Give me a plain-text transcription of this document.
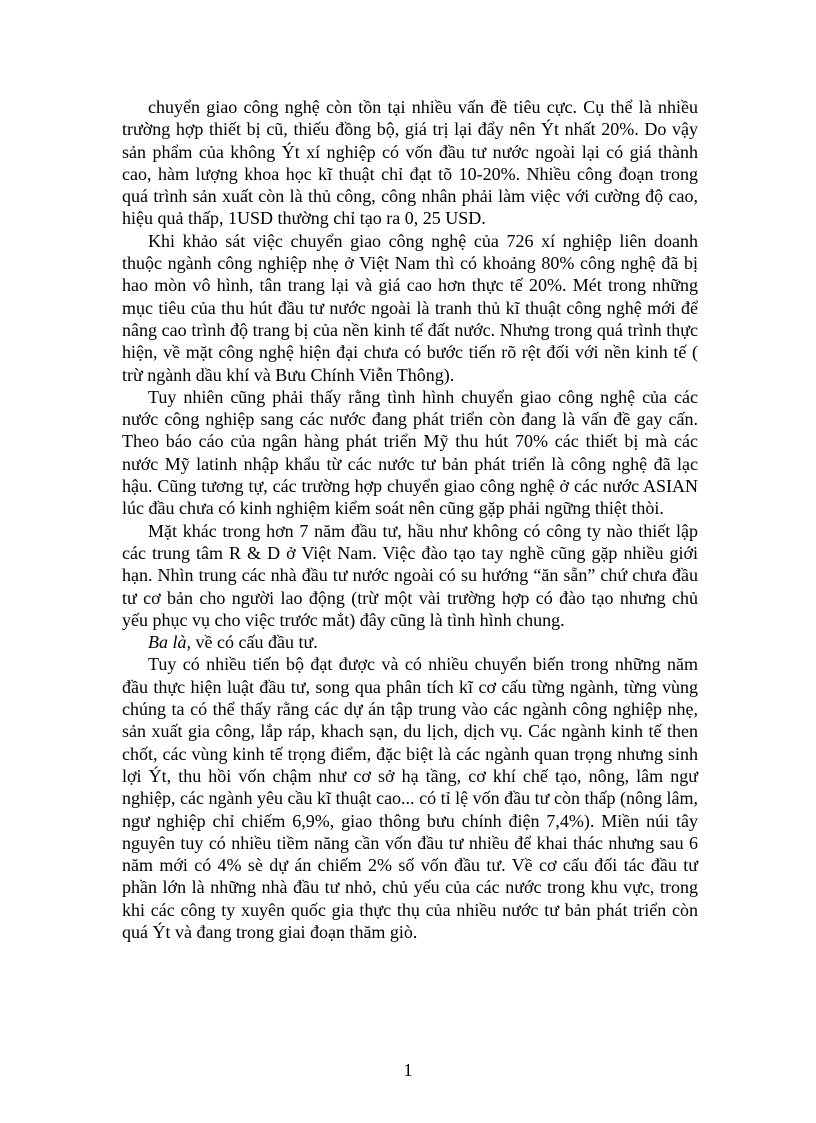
chuyển giao công nghệ còn tồn tại nhiều vấn đề tiêu cực. Cụ thể là nhiều trường hợp thiết bị cũ, thiếu đồng bộ, giá trị lại đẩy nên Ýt nhất 20%. Do vậy sản phẩm của không Ýt xí nghiệp có vốn đầu tư nước ngoài lại có giá thành cao, hàm lượng khoa học kĩ thuật chỉ đạt tõ 10-20%. Nhiều công đoạn trong quá trình sản xuất còn là thủ công, công nhân phải làm việc với cường độ cao, hiệu quả thấp, 1USD thường chỉ tạo ra 0, 25 USD.

Khi khảo sát việc chuyển giao công nghệ của 726 xí nghiệp liên doanh thuộc ngành công nghiệp nhẹ ở Việt Nam thì có khoảng 80% công nghệ đã bị hao mòn vô hình, tân trang lại và giá cao hơn thực tế 20%. Mét trong những mục tiêu của thu hút đầu tư nước ngoài là tranh thủ kĩ thuật công nghệ mới để nâng cao trình độ trang bị của nền kinh tế đất nước. Nhưng trong quá trình thực hiện, về mặt công nghệ hiện đại chưa có bước tiến rõ rệt đối với nền kinh tế ( trừ ngành dầu khí và Bưu Chính Viễn Thông).

Tuy nhiên cũng phải thấy rằng tình hình chuyển giao công nghệ của các nước công nghiệp sang các nước đang phát triển còn đang là vấn đề gay cấn. Theo báo cáo của ngân hàng phát triển Mỹ thu hút 70% các thiết bị mà các nước Mỹ latinh nhập khẩu từ các nước tư bản phát triển là công nghệ đã lạc hậu. Cũng tương tự, các trường hợp chuyển giao công nghệ ở các nước ASIAN lúc đầu chưa có kinh nghiệm kiểm soát nên cũng gặp phải ngững thiệt thòi.

Mặt khác trong hơn 7 năm đầu tư, hầu như không có công ty nào thiết lập các trung tâm R & D ở Việt Nam. Việc đào tạo tay nghề cũng gặp nhiều giới hạn. Nhìn trung các nhà đầu tư nước ngoài có su hướng “ăn sẵn” chứ chưa đầu tư cơ bản cho người lao động (trừ một vài trường hợp có đào tạo nhưng chủ yếu phục vụ cho việc trước mắt) đây cũng là tình hình chung.

Ba là, về có cấu đầu tư.

Tuy có nhiều tiến bộ đạt được và có nhiều chuyển biến trong những năm đầu thực hiện luật đầu tư, song qua phân tích kĩ cơ cấu từng ngành, từng vùng chúng ta có thể thấy rằng các dự án tập trung vào các ngành công nghiệp nhẹ, sản xuất gia công, lắp ráp, khach sạn, du lịch, dịch vụ. Các ngành kinh tế then chốt, các vùng kinh tế trọng điểm, đặc biệt là các ngành quan trọng nhưng sinh lợi Ýt, thu hồi vốn chậm như cơ sở hạ tầng, cơ khí chế tạo, nông, lâm ngư nghiệp, các ngành yêu cầu kĩ thuật cao... có tỉ lệ vốn đầu tư còn thấp (nông lâm, ngư nghiệp chỉ chiếm 6,9%, giao thông bưu chính điện 7,4%). Miền núi tây nguyên tuy có nhiều tiềm năng cần vốn đầu tư nhiều để khai thác nhưng sau 6 năm mới có 4% sè dự án chiếm 2% số vốn đầu tư. Về cơ cấu đối tác đầu tư phần lớn là những nhà đầu tư nhỏ, chủ yếu của các nước trong khu vực, trong khi các công ty xuyên quốc gia thực thụ của nhiều nước tư bản phát triển còn quá Ýt và đang trong giai đoạn thăm giò.

1
